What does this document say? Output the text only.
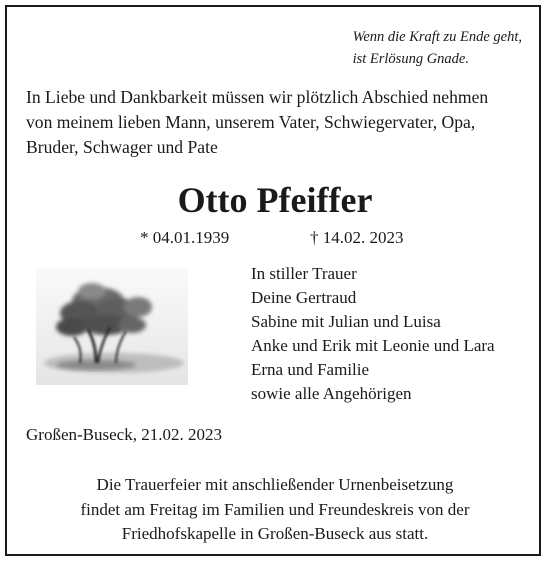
Wenn die Kraft zu Ende geht,
ist Erlösung Gnade.
In Liebe und Dankbarkeit müssen wir plötzlich Abschied nehmen
von meinem lieben Mann, unserem Vater, Schwiegervater, Opa,
Bruder, Schwager und Pate
Otto Pfeiffer
* 04.01.1939	† 14.02. 2023
In stiller Trauer
Deine Gertraud
Sabine mit Julian und Luisa
Anke und Erik mit Leonie und Lara
Erna und Familie
sowie alle Angehörigen
Großen-Buseck, 21.02. 2023
Die Trauerfeier mit anschließender Urnenbeisetzung
findet am Freitag im Familien und Freundeskreis von der
Friedhofskapelle in Großen-Buseck aus statt.
